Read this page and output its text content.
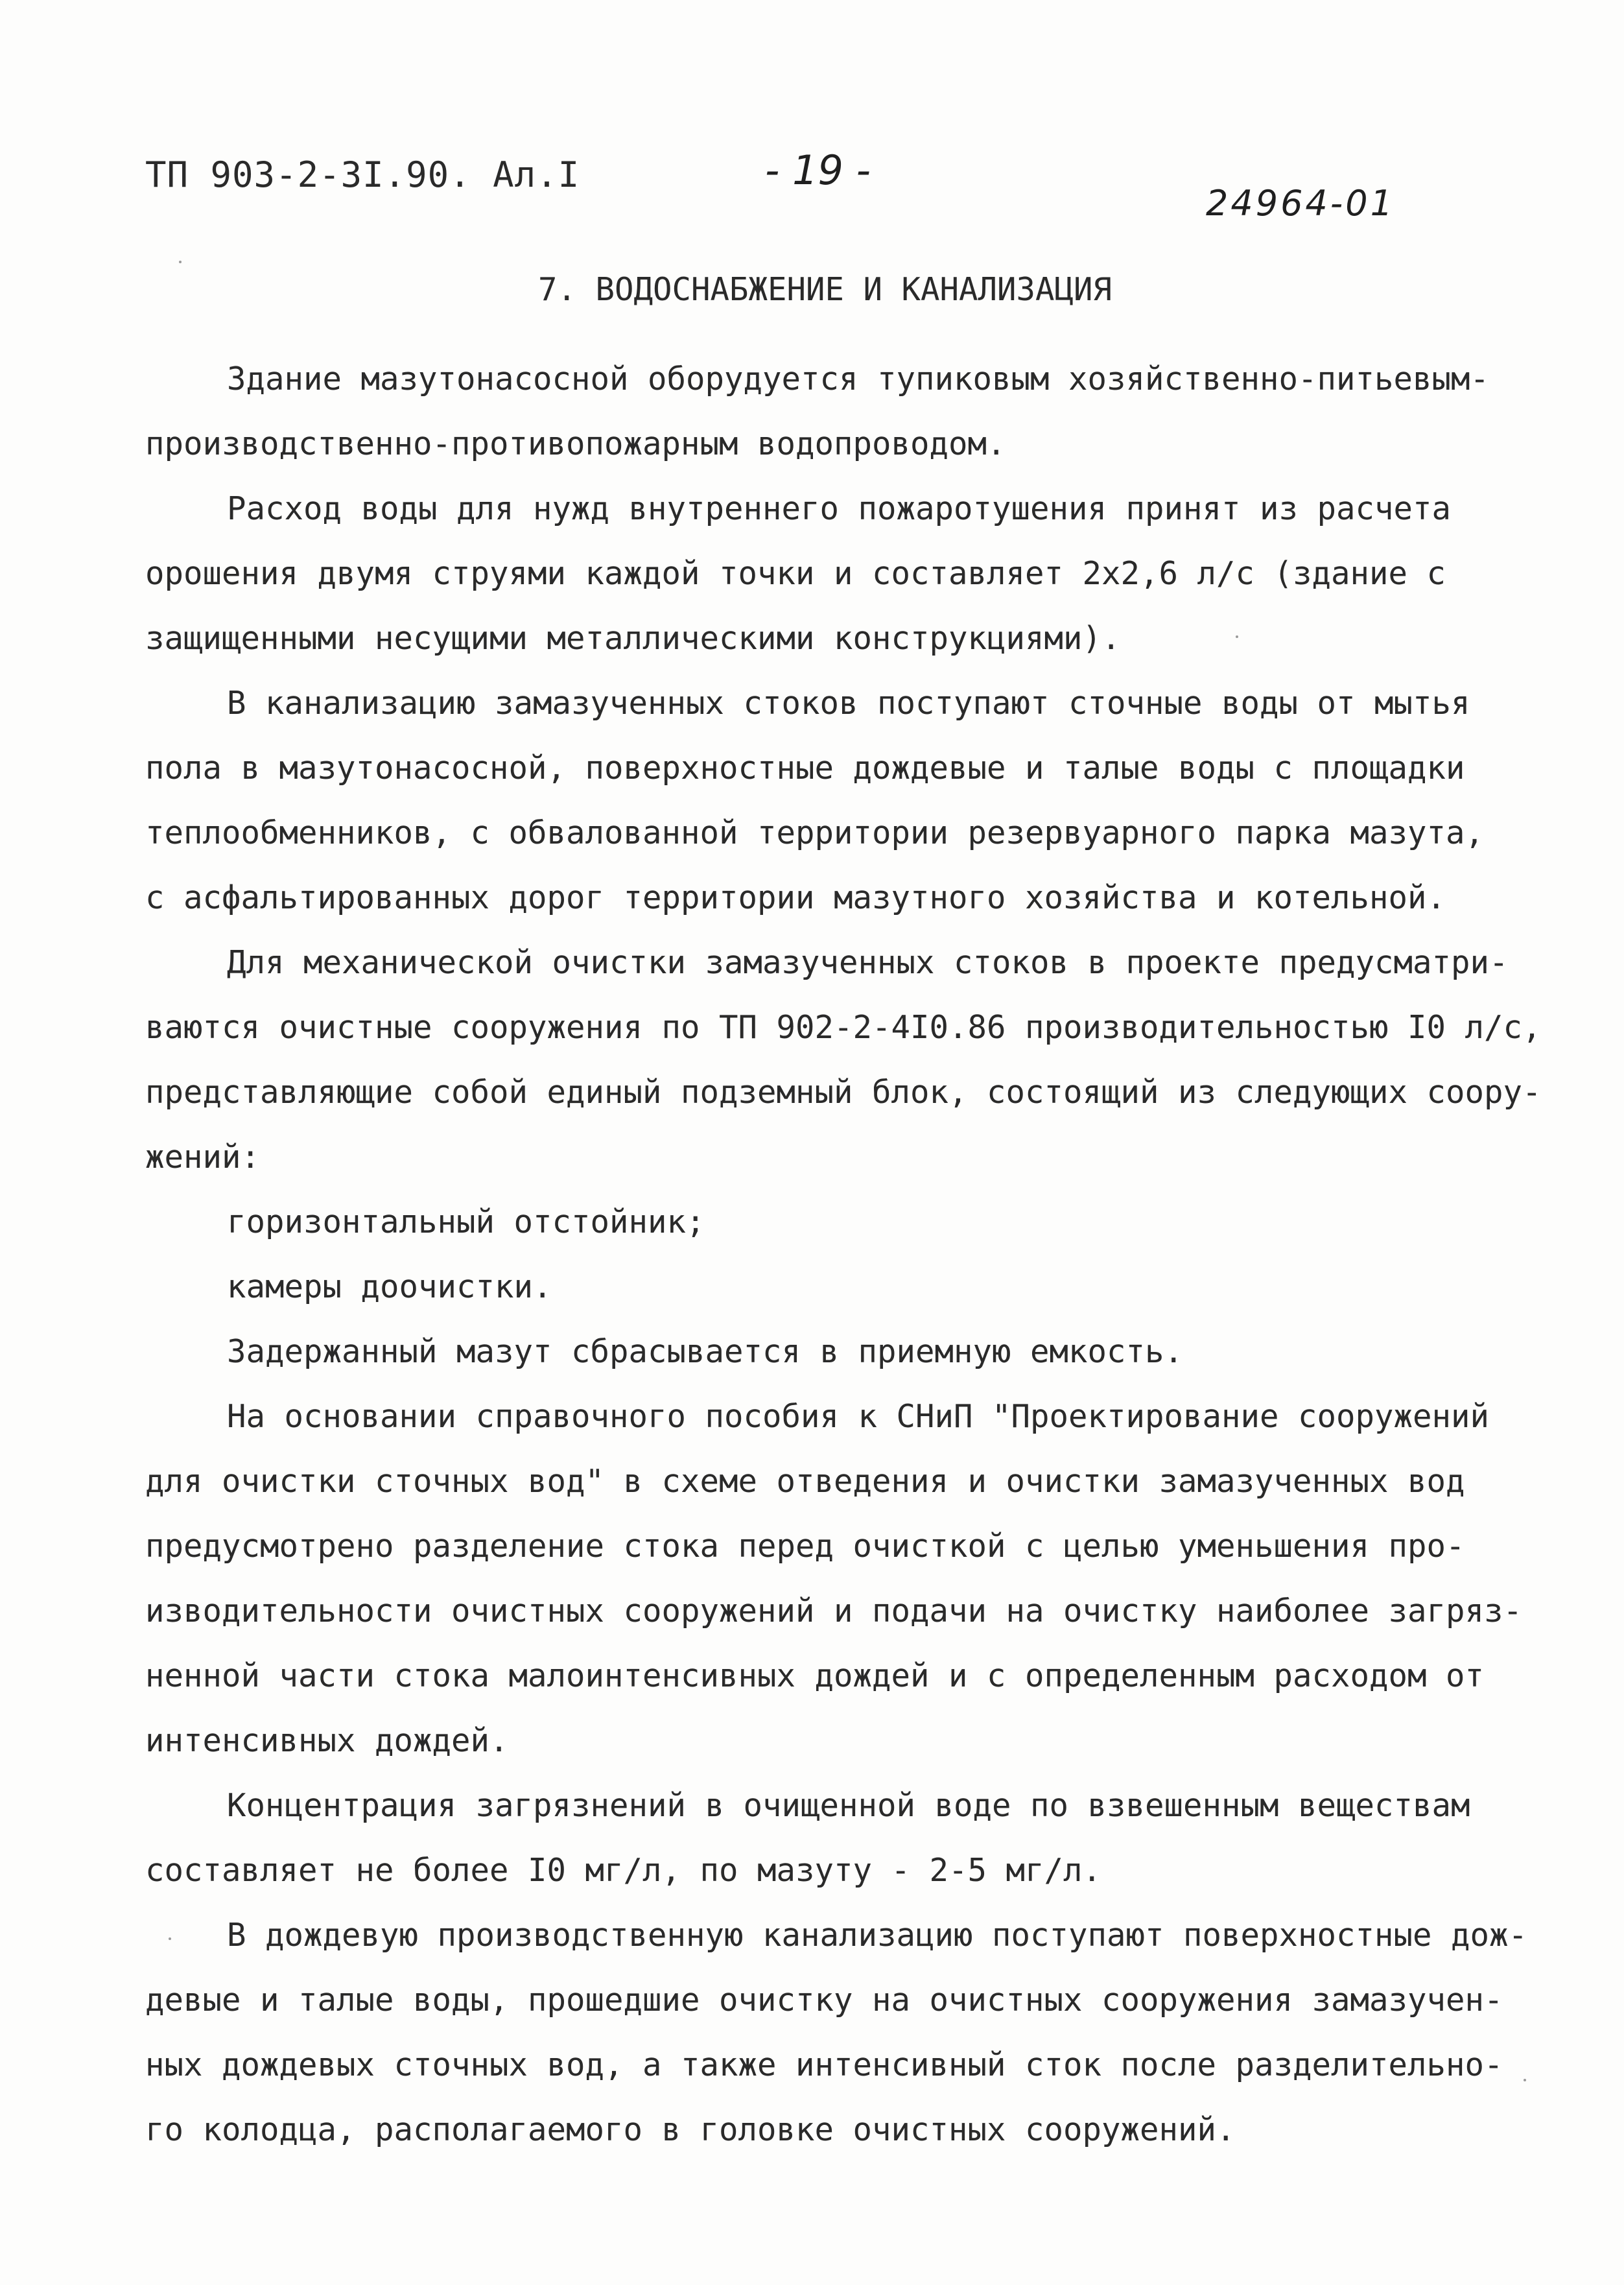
ТП 903-2-3I.90. Ал.I	- 19 -
24964-01
7. ВОДОСНАБЖЕНИЕ И КАНАЛИЗАЦИЯ
Здание мазутонасосной оборудуется тупиковым хозяйственно-питьевым-
производственно-противопожарным водопроводом.
Расход воды для нужд внутреннего пожаротушения принят из расчета
орошения двумя струями каждой точки и составляет 2х2,6 л/с (здание с
защищенными несущими металлическими конструкциями).
В канализацию замазученных стоков поступают сточные воды от мытья
пола в мазутонасосной, поверхностные дождевые и талые воды с площадки
теплообменников, с обвалованной территории резервуарного парка мазута,
с асфальтированных дорог территории мазутного хозяйства и котельной.
Для механической очистки замазученных стоков в проекте предусматри-
ваются очистные сооружения по ТП 902-2-4I0.86 производительностью I0 л/с,
представляющие собой единый подземный блок, состоящий из следующих соору-
жений:
горизонтальный отстойник;
камеры доочистки.
Задержанный мазут сбрасывается в приемную емкость.
На основании справочного пособия к СНиП "Проектирование сооружений
для очистки сточных вод" в схеме отведения и очистки замазученных вод
предусмотрено разделение стока перед очисткой с целью уменьшения про-
изводительности очистных сооружений и подачи на очистку наиболее загряз-
ненной части стока малоинтенсивных дождей и с определенным расходом от
интенсивных дождей.
Концентрация загрязнений в очищенной воде по взвешенным веществам
составляет не более I0 мг/л, по мазуту - 2-5 мг/л.
В дождевую производственную канализацию поступают поверхностные дож-
девые и талые воды, прошедшие очистку на очистных сооружения замазучен-
ных дождевых сточных вод, а также интенсивный сток после разделительно-
го колодца, располагаемого в головке очистных сооружений.
